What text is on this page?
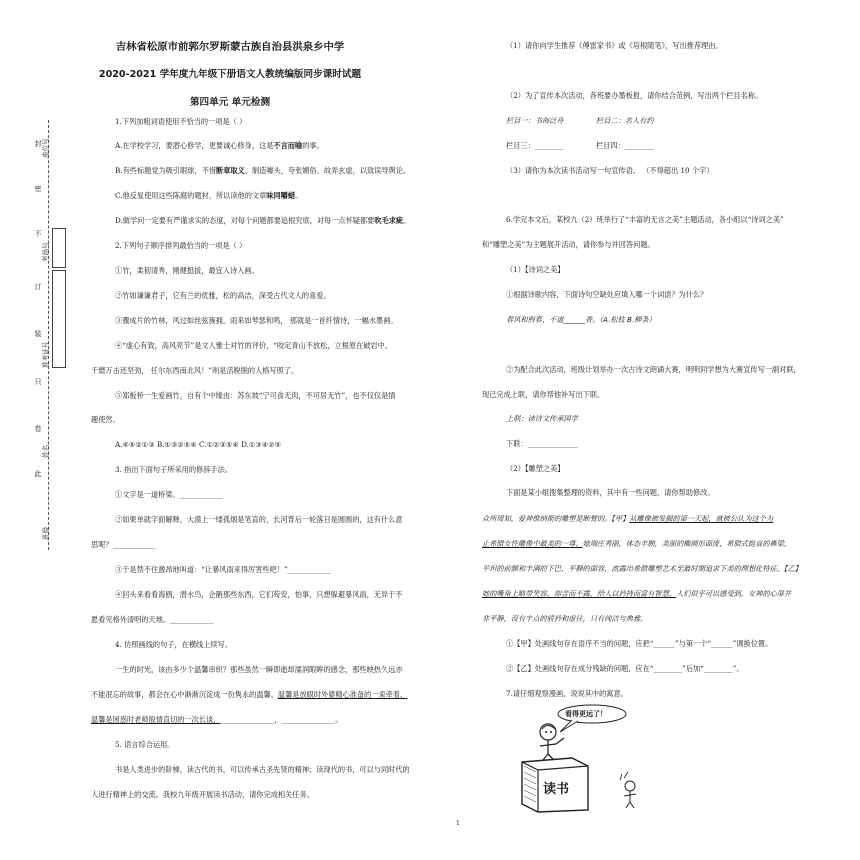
封
密
不
订
装
只
卷
此
座位号
考场号
准考证号
姓名
班级
吉林省松原市前郭尔罗斯蒙古族自治县洪泉乡中学
2020-2021 学年度九年级下册语文人教统编版同步课时试题
第四单元 单元检测
1.下列加粗词语使用不恰当的一项是（ ）
A.在学校学习，要潜心修学，更要诚心修身，这是不言而喻的事。
B.有些标题党为吸引眼球，不惜断章取义、制造噱头，夸张媚俗、故弄玄虚，以致误导舆论。
C.他反复使用这些陈腐的题材，所以读他的文章味同嚼蜡。
D.做学问一定要有严谨求实的态度，对每个问题都要追根究底，对每一点怀疑都要吹毛求疵。
2.下列句子顺序排列最恰当的一项是（ ）
①竹，柔韧清秀，刚健挺拔，最宜入诗入画。
②竹如谦谦君子，它有兰的优雅，松的高洁，深受古代文人的喜爱。
③骤成片的竹林，风过如丝弦簇拥，雨来如琴瑟和鸣， 那就是一首纤情诗，一幅水墨画。
④“虚心有致，高风亮节”是文人雅士对竹的评价，“咬定青山不放松，立根原在破岩中。
千磨万击还坚劲， 任尔东西南北风！”则是活脱脱的人格写照了。
⑤郑板桥一生爱画竹，自有个中缘由：苏东坡“宁可食无肉，不可居无竹”，也不仅仅是情
趣使然。
A.④⑤②①③ B.①③②⑤④ C.①②③⑤④ D.①③④②⑤
3. 指出下面句子所采用的修辞手法。
①文字是一道桥梁。____________
②如果单就字面解释，大漠上一缕孤烟是笔直的，长河背后一轮落日是圆圆的，这有什么意
思呢？____________
③于是禁不住激昂地叫道：“让暴风雨来得厉害些吧！”____________
④回头来看看海鸥，潜水鸟，企鹅那些东西，它们苟安，怕事，只想躲避暴风雨，无异于不
愿看见格外清明的天地。____________
4. 仿照画线的句子，在横线上续写。
一生的时光，该由多少个温馨串织？那些虽然一瞬即逝却濡润眼眸的感念，那些映热久远亦
不能泯忘的故事，都会在心中渐渐沉淀成一份隽永的温馨。温馨是放眼时外婆精心准备的一束牵着，
温馨是困惑时老师殷情直切的一次长谈，_______________，_______________。
5. 语言综合运用。
书是人类进步的阶梯，读古代的书，可以传承古圣先贤的精神；读现代的书，可以与同时代的
人进行精神上的交流。我校九年级开展读书活动，请你完成相关任务。
（1）请你向学生推荐《傅雷家书》或《培根随笔》，写出推荐理由。
（2）为了宣传本次活动，各班要办墨板报，请你结合范例，写出两个栏目名称。
栏目一：书海泛舟	栏目二：名人有约
栏目三：________	栏目四：________
（3）请你为本次读书活动写一句宣传语。 （不得超出 10 个字）
6.学完本文后，某校九（2）班举行了“丰富的无言之美”主题活动，各小组以“诗词之美”
和“雕塑之美”为主题展开活动，请你参与并回答问题。
（1）【诗词之美】
①根据诗歌内容，下面诗句空缺处应填入哪一个词语？为什么？
春风和煦春，不道______香。（A.松枝 B.柳条）
②为配合此次活动，班级计划举办一次古诗文朗诵大赛，明明同学想为大赛宣传写一副对联，
现已完成上联，请你帮他补写出下联。
上联：读诗文传承国学
下联：______________
（2）【雕塑之美】
下面是某小组搜集整理的资料，其中有一些问题，请你帮助修改。
众所周知，爱神维纳斯的雕塑是断臂的。【甲】从雕像被发掘的第一天起，就被公认为这个为
止希腊女性雕像中最美的一尊。她端庄秀丽，体态丰腴，美丽的椭圆形面庞，希腊式挺直的鼻梁，
平坦的前额和丰满的下巴，平静的面容，流露出希腊雕塑艺术至最时期追求下美的理想化特征。【乙】
她的嘴角上略带笑容，却含而不露，给人以矜持而富有智慧，人们似乎可以感受到，女神的心扉并
非平静，沒有丰点的骄矜和虚往，只有纯洁与典雅。
①【甲】处画线句存在语序不当的问题，应把“______”与第一个“______”调换位置。
②【乙】处画线句存在成分残缺的问题，应在“________”后加“________”。
7.请仔细观察漫画，说说其中的寓意。
看得更远了！
读书
1
